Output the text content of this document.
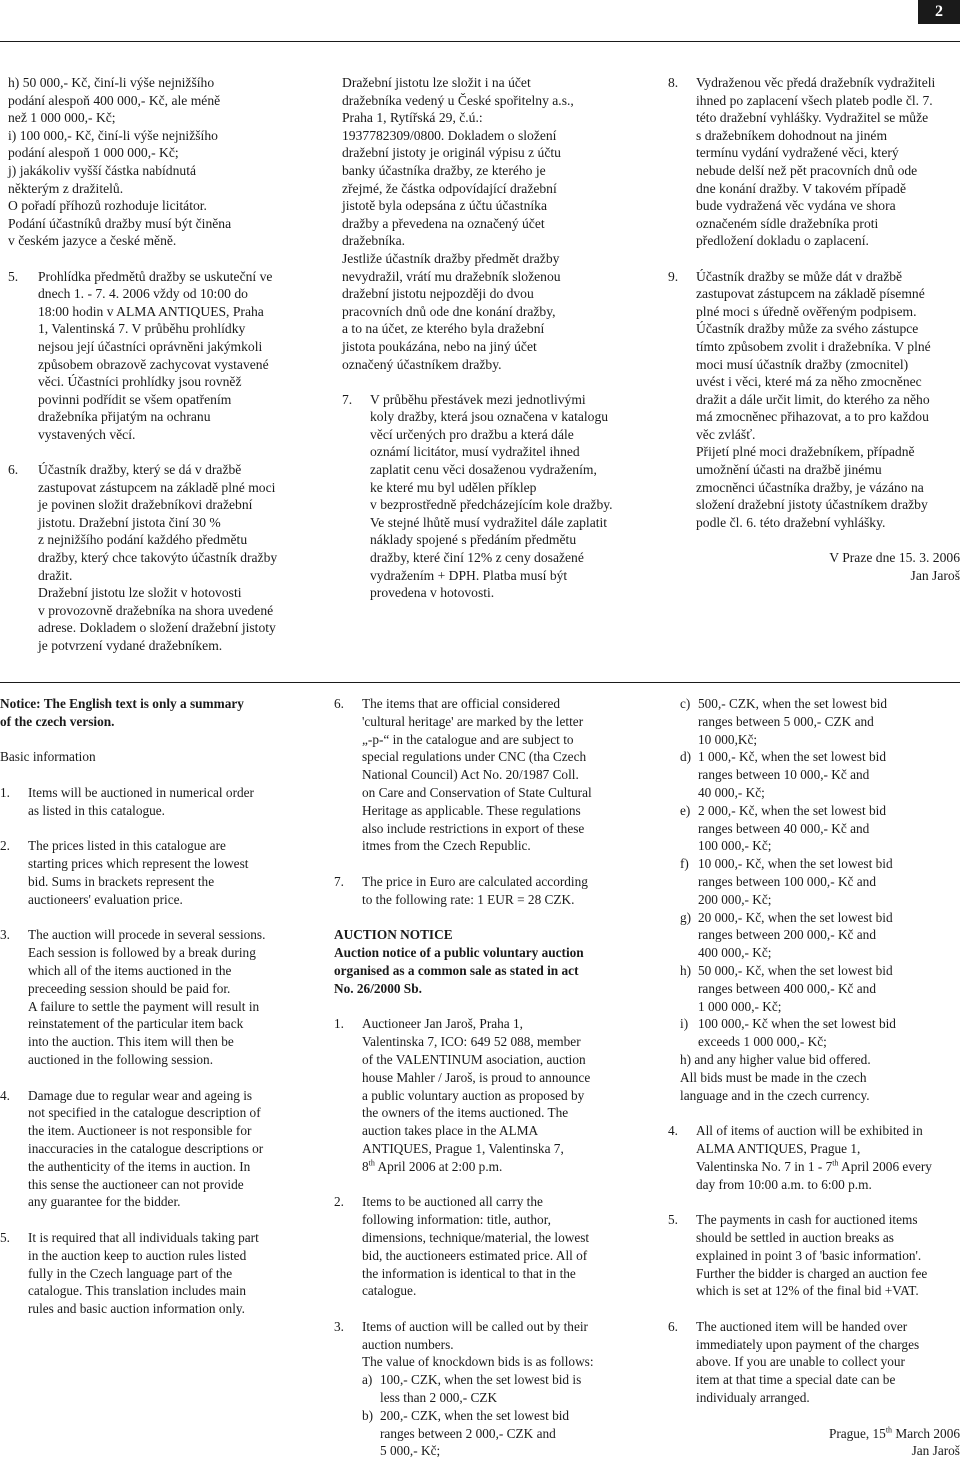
2
h) 50 000,- Kč, činí-li výše nejnižšího
podání alespoň 400 000,- Kč, ale méně
než 1 000 000,- Kč;
i) 100 000,- Kč, činí-li výše nejnižšího
podání alespoň 1 000 000,- Kč;
j) jakákoliv vyšší částka nabídnutá
některým z dražitelů.
O pořadí příhozů rozhoduje licitátor.
Podání účastníků dražby musí být činěna
v českém jazyce a české měně.
5. Prohlídka předmětů dražby se uskuteční ve
dnech 1. - 7. 4. 2006 vždy od 10:00 do
18:00 hodin v ALMA ANTIQUES, Praha
1, Valentinská 7. V průběhu prohlídky
nejsou její účastníci oprávněni jakýmkoli
způsobem obrazově zachycovat vystavené
věci. Účastníci prohlídky jsou rovněž
povinni podřídit se všem opatřením
dražebníka přijatým na ochranu
vystavených věcí.
6. Účastník dražby, který se dá v dražbě
zastupovat zástupcem na základě plné moci
je povinen složit dražebníkovi dražební
jistotu. Dražební jistota činí 30 %
z nejnižšího podání každého předmětu
dražby, který chce takovýto účastník dražby
dražit.
Dražební jistotu lze složit v hotovosti
v provozovně dražebníka na shora uvedené
adrese. Dokladem o složení dražební jistoty
je potvrzení vydané dražebníkem.
Dražební jistotu lze složit i na účet
dražebníka vedený u České spořitelny a.s.,
Praha 1, Rytířská 29, č.ú.:
1937782309/0800. Dokladem o složení
dražební jistoty je originál výpisu z účtu
banky účastníka dražby, ze kterého je
zřejmé, že částka odpovídající dražební
jistotě byla odepsána z účtu účastníka
dražby a převedena na označený účet
dražebníka.
Jestliže účastník dražby předmět dražby
nevydražil, vrátí mu dražebník složenou
dražební jistotu nejpozději do dvou
pracovních dnů ode dne konání dražby,
a to na účet, ze kterého byla dražební
jistota poukázána, nebo na jiný účet
označený účastníkem dražby.
7. V průběhu přestávek mezi jednotlivými
koly dražby, která jsou označena v katalogu
věcí určených pro dražbu a která dále
oznámí licitátor, musí vydražitel ihned
zaplatit cenu věci dosaženou vydražením,
ke které mu byl udělen příklep
v bezprostředně předcházejícím kole dražby.
Ve stejné lhůtě musí vydražitel dále zaplatit
náklady spojené s předáním předmětu
dražby, které činí 12% z ceny dosažené
vydražením + DPH. Platba musí být
provedena v hotovosti.
8. Vydraženou věc předá dražebník vydražiteli
ihned po zaplacení všech plateb podle čl. 7.
této dražební vyhlášky. Vydražitel se může
s dražebníkem dohodnout na jiném
termínu vydání vydražené věci, který
nebude delší než pět pracovních dnů ode
dne konání dražby. V takovém případě
bude vydražená věc vydána ve shora
označeném sídle dražebníka proti
předložení dokladu o zaplacení.
9. Účastník dražby se může dát v dražbě
zastupovat zástupcem na základě písemné
plné moci s úředně ověřeným podpisem.
Účastník dražby může za svého zástupce
tímto způsobem zvolit i dražebníka. V plné
moci musí účastník dražby (zmocnitel)
uvést i věci, které má za něho zmocněnec
dražit a dále určit limit, do kterého za něho
má zmocněnec přihazovat, a to pro každou
věc zvlášť.
Přijetí plné moci dražebníkem, případně
umožnění účasti na dražbě jinému
zmocněnci účastníka dražby, je vázáno na
složení dražební jistoty účastníkem dražby
podle čl. 6. této dražební vyhlášky.
V Praze dne 15. 3. 2006
Jan Jaroš
Notice: The English text is only a summary
of the czech version.
Basic information
1. Items will be auctioned in numerical order
as listed in this catalogue.
2. The prices listed in this catalogue are
starting prices which represent the lowest
bid. Sums in brackets represent the
auctioneers' evaluation price.
3. The auction will procede in several sessions.
Each session is followed by a break during
which all of the items auctioned in the
preceeding session should be paid for.
A failure to settle the payment will result in
reinstatement of the particular item back
into the auction. This item will then be
auctioned in the following session.
4. Damage due to regular wear and ageing is
not specified in the catalogue description of
the item. Auctioneer is not responsible for
inaccuracies in the catalogue descriptions or
the authenticity of the items in auction. In
this sense the auctioneer can not provide
any guarantee for the bidder.
5. It is required that all individuals taking part
in the auction keep to auction rules listed
fully in the Czech language part of the
catalogue. This translation includes main
rules and basic auction information only.
6. The items that are official considered
'cultural heritage' are marked by the letter
„-p-“ in the catalogue and are subject to
special regulations under CNC (tha Czech
National Council) Act No. 20/1987 Coll.
on Care and Conservation of State Cultural
Heritage as applicable. These regulations
also include restrictions in export of these
itmes from the Czech Republic.
7. The price in Euro are calculated according
to the following rate: 1 EUR = 28 CZK.
AUCTION NOTICE
Auction notice of a public voluntary auction
organised as a common sale as stated in act
No. 26/2000 Sb.
1. Auctioneer Jan Jaroš, Praha 1,
Valentinska 7, ICO: 649 52 088, member
of the VALENTINUM asociation, auction
house Mahler / Jaroš, is proud to announce
a public voluntary auction as proposed by
the owners of the items auctioned. The
auction takes place in the ALMA
ANTIQUES, Prague 1, Valentinska 7,
8th April 2006 at 2:00 p.m.
2. Items to be auctioned all carry the
following information: title, author,
dimensions, technique/material, the lowest
bid, the auctioneers estimated price. All of
the information is identical to that in the
catalogue.
3. Items of auction will be called out by their
auction numbers.
The value of knockdown bids is as follows:
a) 100,- CZK, when the set lowest bid is
less than 2 000,- CZK
b) 200,- CZK, when the set lowest bid
ranges between 2 000,- CZK and
5 000,- Kč;
c) 500,- CZK, when the set lowest bid
ranges between 5 000,- CZK and
10 000,Kč;
d) 1 000,- Kč, when the set lowest bid
ranges between 10 000,- Kč and
40 000,- Kč;
e) 2 000,- Kč, when the set lowest bid
ranges between 40 000,- Kč and
100 000,- Kč;
f) 10 000,- Kč, when the set lowest bid
ranges between 100 000,- Kč and
200 000,- Kč;
g) 20 000,- Kč, when the set lowest bid
ranges between 200 000,- Kč and
400 000,- Kč;
h) 50 000,- Kč, when the set lowest bid
ranges between 400 000,- Kč and
1 000 000,- Kč;
i) 100 000,- Kč when the set lowest bid
exceeds 1 000 000,- Kč;
h) and any higher value bid offered.
All bids must be made in the czech
language and in the czech currency.
4. All of items of auction will be exhibited in
ALMA ANTIQUES, Prague 1,
Valentinska No. 7 in 1 - 7th April 2006 every
day from 10:00 a.m. to 6:00 p.m.
5. The payments in cash for auctioned items
should be settled in auction breaks as
explained in point 3 of 'basic information'.
Further the bidder is charged an auction fee
which is set at 12% of the final bid +VAT.
6. The auctioned item will be handed over
immediately upon payment of the charges
above. If you are unable to collect your
item at that time a special date can be
individualy arranged.
Prague, 15th March 2006
Jan Jaroš
